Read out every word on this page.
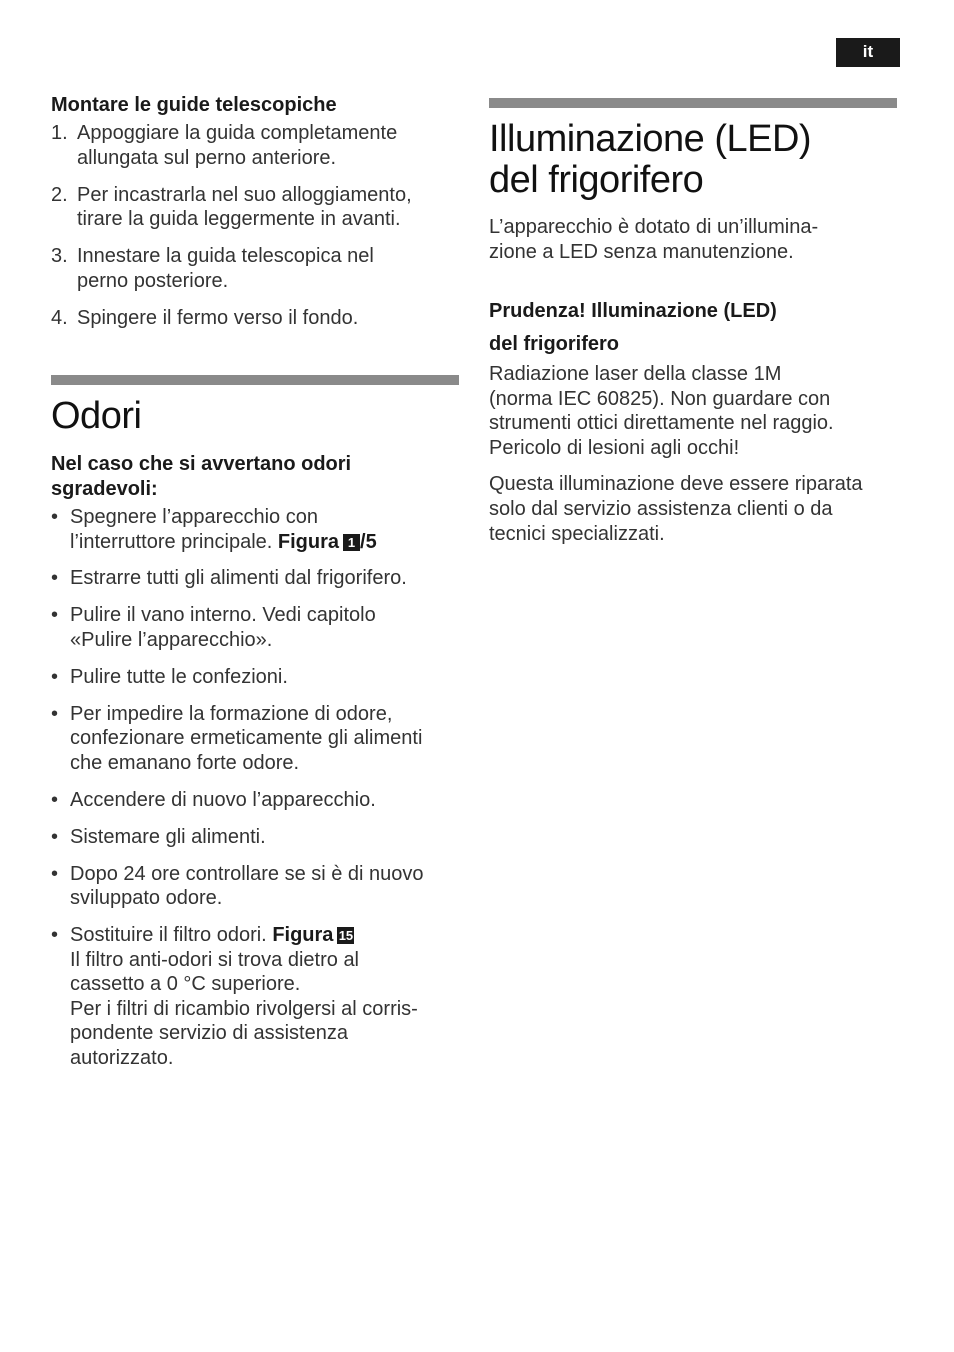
it

Montare le guide telescopiche

1. Appoggiare la guida completamente
allungata sul perno anteriore.
2. Per incastrarla nel suo alloggiamento,
tirare la guida leggermente in avanti.
3. Innestare la guida telescopica nel
perno posteriore.
4. Spingere il fermo verso il fondo.
Odori

Nel caso che si avvertano odori
sgradevoli:

• Spegnere l’apparecchio con
l’interruttore principale. Figura 1 /5
• Estrarre tutti gli alimenti dal frigorifero.
• Pulire il vano interno. Vedi capitolo
«Pulire l’apparecchio».
• Pulire tutte le confezioni.
• Per impedire la formazione di odore,
confezionare ermeticamente gli alimenti
che emanano forte odore.
• Accendere di nuovo l’apparecchio.
• Sistemare gli alimenti.
• Dopo 24 ore controllare se si è di nuovo
sviluppato odore.
• Sostituire il filtro odori. Figura 15
Il filtro anti-odori si trova dietro al
cassetto a 0 °C superiore.
Per i filtri di ricambio rivolgersi al corris-
pondente servizio di assistenza
autorizzato.
Illuminazione (LED)
del frigorifero

L’apparecchio è dotato di un’illumina-
zione a LED senza manutenzione.

Prudenza! Illuminazione (LED)
del frigorifero

Radiazione laser della classe 1M
(norma IEC 60825). Non guardare con
strumenti ottici direttamente nel raggio.
Pericolo di lesioni agli occhi!

Questa illuminazione deve essere riparata
solo dal servizio assistenza clienti o da
tecnici specializzati.
